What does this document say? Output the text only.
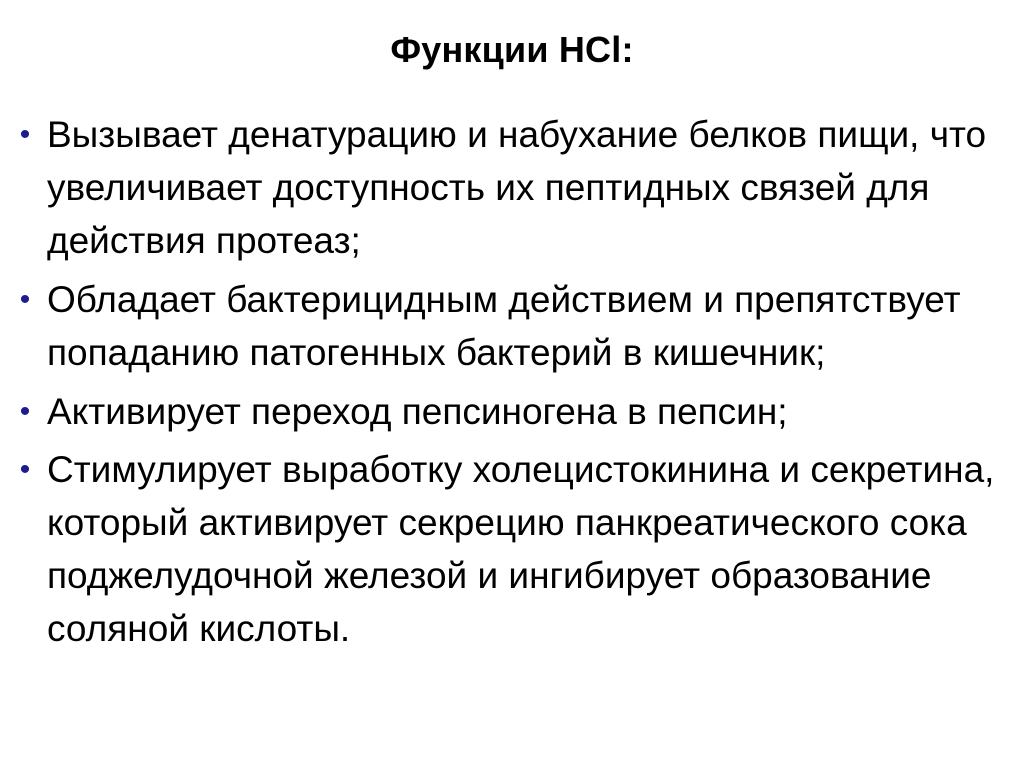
Функции НCl:
• Вызывает денатурацию и набухание белков пищи, что увеличивает доступность их пептидных связей для действия протеаз;
• Обладает бактерицидным действием и препятствует попаданию патогенных бактерий в кишечник;
• Активирует переход пепсиногена в пепсин;
• Стимулирует выработку холецистокинина и секретина, который активирует секрецию панкреатического сока поджелудочной железой и ингибирует образование соляной кислоты.
